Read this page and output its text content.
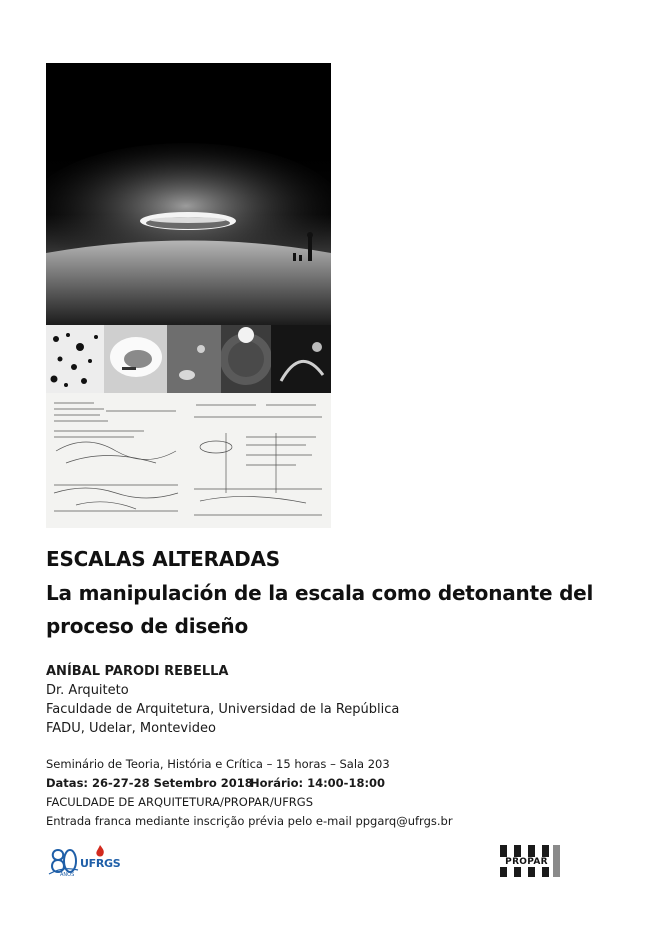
ESCALAS ALTERADAS
La manipulación de la escala como detonante del
proceso de diseño
ANÍBAL PARODI REBELLA
Dr. Arquiteto
Faculdade de Arquitetura, Universidad de la República
FADU, Udelar, Montevideo
Seminário de Teoria, História e Crítica – 15 horas – Sala 203
Datas: 26-27-28 Setembro 2018
Horário: 14:00-18:00
FACULDADE DE ARQUITETURA/PROPAR/UFRGS
Entrada franca mediante inscrição prévia pelo e-mail ppgarq@ufrgs.br
ANOS
UFRGS	PROPAR
